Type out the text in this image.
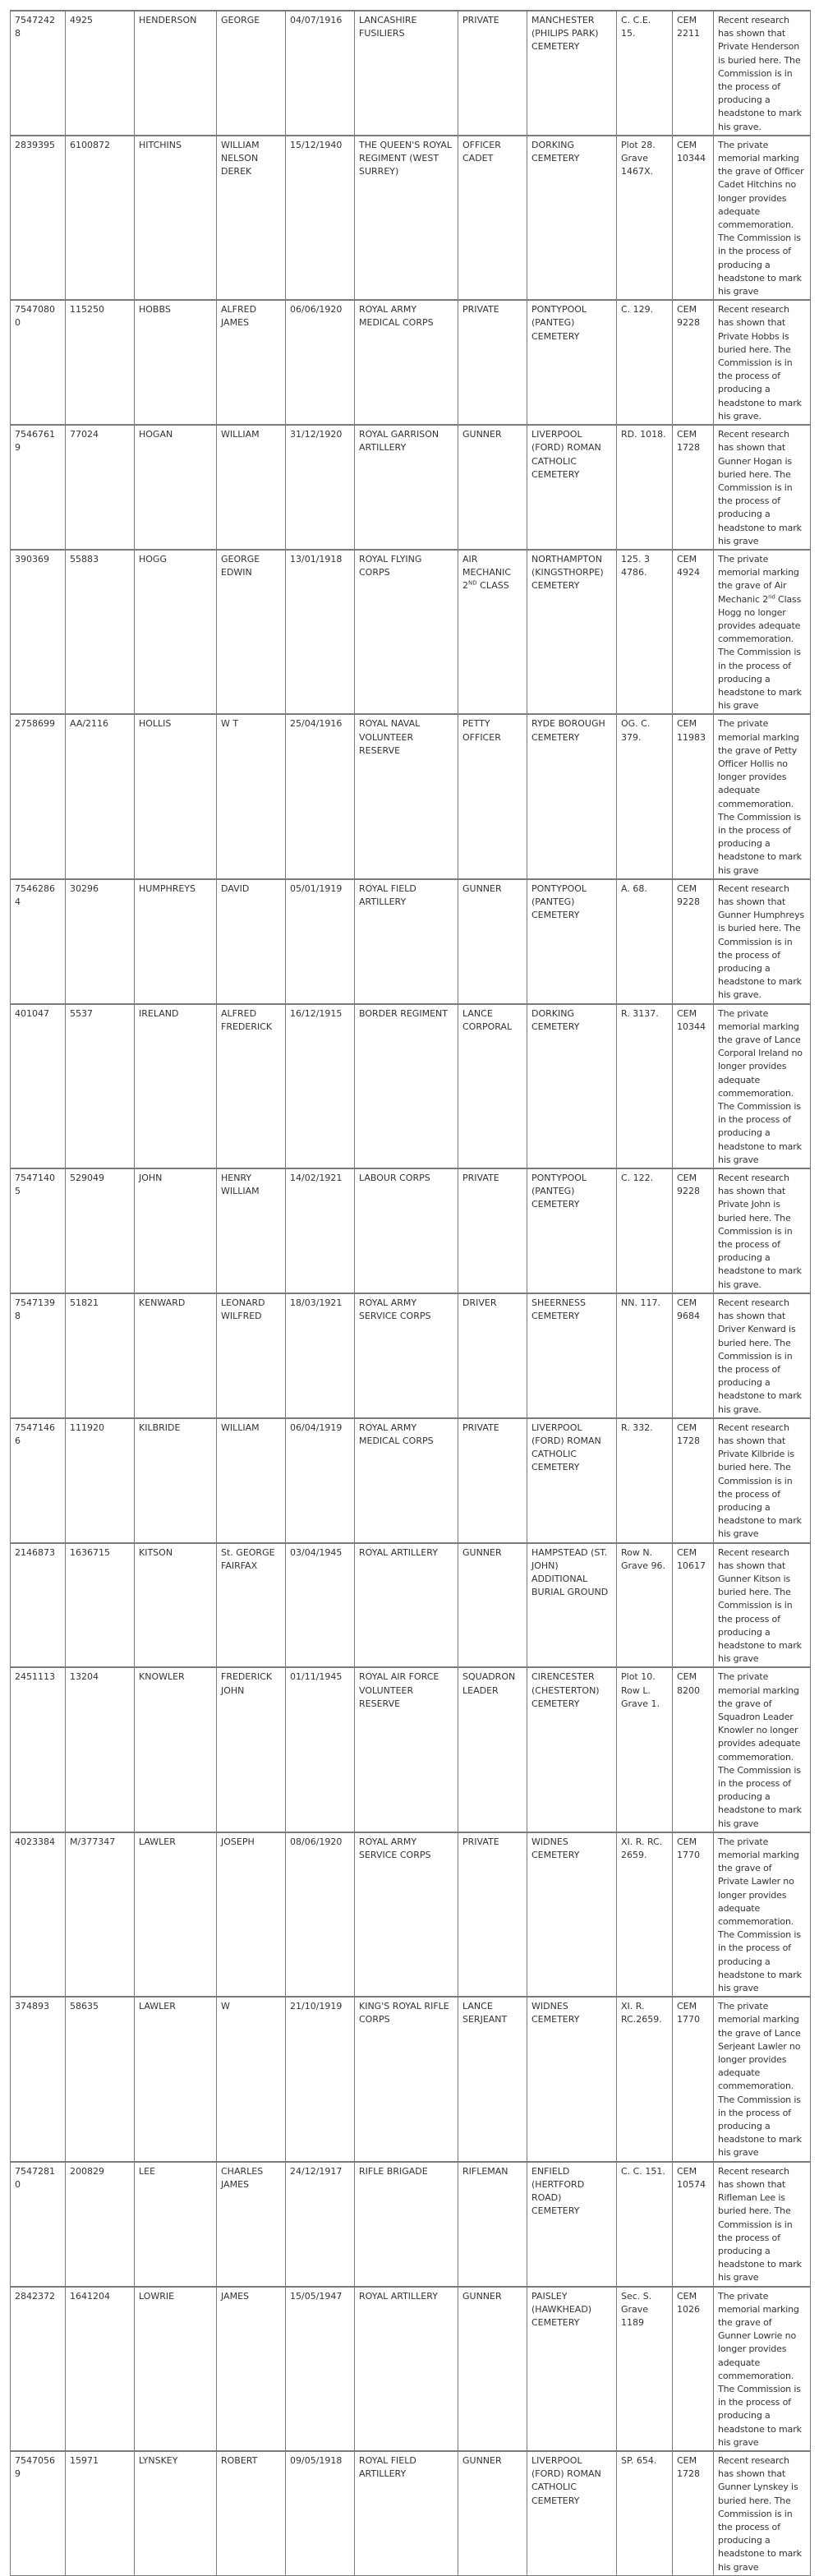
75472428	4925	HENDERSON	GEORGE	04/07/1916	LANCASHIRE FUSILIERS	PRIVATE	MANCHESTER (PHILIPS PARK) CEMETERY	C. C.E. 15.	CEM 2211	Recent research has shown that Private Henderson is buried here. The Commission is in the process of producing a headstone to mark his grave.
2839395	6100872	HITCHINS	WILLIAM NELSON DEREK	15/12/1940	THE QUEEN'S ROYAL REGIMENT (WEST SURREY)	OFFICER CADET	DORKING CEMETERY	Plot 28. Grave 1467X.	CEM 10344	The private memorial marking the grave of Officer Cadet Hitchins no longer provides adequate commemoration. The Commission is in the process of producing a headstone to mark his grave
75470800	115250	HOBBS	ALFRED JAMES	06/06/1920	ROYAL ARMY MEDICAL CORPS	PRIVATE	PONTYPOOL (PANTEG) CEMETERY	C. 129.	CEM 9228	Recent research has shown that Private Hobbs is buried here. The Commission is in the process of producing a headstone to mark his grave.
75467619	77024	HOGAN	WILLIAM	31/12/1920	ROYAL GARRISON ARTILLERY	GUNNER	LIVERPOOL (FORD) ROMAN CATHOLIC CEMETERY	RD. 1018.	CEM 1728	Recent research has shown that Gunner Hogan is buried here. The Commission is in the process of producing a headstone to mark his grave
390369	55883	HOGG	GEORGE EDWIN	13/01/1918	ROYAL FLYING CORPS	AIR MECHANIC 2ND CLASS	NORTHAMPTON (KINGSTHORPE) CEMETERY	125. 3 4786.	CEM 4924	The private memorial marking the grave of Air Mechanic 2nd Class Hogg no longer provides adequate commemoration. The Commission is in the process of producing a headstone to mark his grave
2758699	AA/2116	HOLLIS	W T	25/04/1916	ROYAL NAVAL VOLUNTEER RESERVE	PETTY OFFICER	RYDE BOROUGH CEMETERY	OG. C. 379.	CEM 11983	The private memorial marking the grave of Petty Officer Hollis no longer provides adequate commemoration. The Commission is in the process of producing a headstone to mark his grave
75462864	30296	HUMPHREYS	DAVID	05/01/1919	ROYAL FIELD ARTILLERY	GUNNER	PONTYPOOL (PANTEG) CEMETERY	A. 68.	CEM 9228	Recent research has shown that Gunner Humphreys is buried here. The Commission is in the process of producing a headstone to mark his grave.
401047	5537	IRELAND	ALFRED FREDERICK	16/12/1915	BORDER REGIMENT	LANCE CORPORAL	DORKING CEMETERY	R. 3137.	CEM 10344	The private memorial marking the grave of Lance Corporal Ireland no longer provides adequate commemoration. The Commission is in the process of producing a headstone to mark his grave
75471405	529049	JOHN	HENRY WILLIAM	14/02/1921	LABOUR CORPS	PRIVATE	PONTYPOOL (PANTEG) CEMETERY	C. 122.	CEM 9228	Recent research has shown that Private John is buried here. The Commission is in the process of producing a headstone to mark his grave.
75471398	51821	KENWARD	LEONARD WILFRED	18/03/1921	ROYAL ARMY SERVICE CORPS	DRIVER	SHEERNESS CEMETERY	NN. 117.	CEM 9684	Recent research has shown that Driver Kenward is buried here. The Commission is in the process of producing a headstone to mark his grave.
75471466	111920	KILBRIDE	WILLIAM	06/04/1919	ROYAL ARMY MEDICAL CORPS	PRIVATE	LIVERPOOL (FORD) ROMAN CATHOLIC CEMETERY	R. 332.	CEM 1728	Recent research has shown that Private Kilbride is buried here. The Commission is in the process of producing a headstone to mark his grave
2146873	1636715	KITSON	St. GEORGE FAIRFAX	03/04/1945	ROYAL ARTILLERY	GUNNER	HAMPSTEAD (ST. JOHN) ADDITIONAL BURIAL GROUND	Row N. Grave 96.	CEM 10617	Recent research has shown that Gunner Kitson is buried here. The Commission is in the process of producing a headstone to mark his grave
2451113	13204	KNOWLER	FREDERICK JOHN	01/11/1945	ROYAL AIR FORCE VOLUNTEER RESERVE	SQUADRON LEADER	CIRENCESTER (CHESTERTON) CEMETERY	Plot 10. Row L. Grave 1.	CEM 8200	The private memorial marking the grave of Squadron Leader Knowler no longer provides adequate commemoration. The Commission is in the process of producing a headstone to mark his grave
4023384	M/377347	LAWLER	JOSEPH	08/06/1920	ROYAL ARMY SERVICE CORPS	PRIVATE	WIDNES CEMETERY	XI. R. RC. 2659.	CEM 1770	The private memorial marking the grave of Private Lawler no longer provides adequate commemoration. The Commission is in the process of producing a headstone to mark his grave
374893	58635	LAWLER	W	21/10/1919	KING'S ROYAL RIFLE CORPS	LANCE SERJEANT	WIDNES CEMETERY	XI. R. RC.2659.	CEM 1770	The private memorial marking the grave of Lance Serjeant Lawler no longer provides adequate commemoration. The Commission is in the process of producing a headstone to mark his grave
75472810	200829	LEE	CHARLES JAMES	24/12/1917	RIFLE BRIGADE	RIFLEMAN	ENFIELD (HERTFORD ROAD) CEMETERY	C. C. 151.	CEM 10574	Recent research has shown that Rifleman Lee is buried here. The Commission is in the process of producing a headstone to mark his grave
2842372	1641204	LOWRIE	JAMES	15/05/1947	ROYAL ARTILLERY	GUNNER	PAISLEY (HAWKHEAD) CEMETERY	Sec. S. Grave 1189	CEM 1026	The private memorial marking the grave of Gunner Lowrie no longer provides adequate commemoration. The Commission is in the process of producing a headstone to mark his grave
75470569	15971	LYNSKEY	ROBERT	09/05/1918	ROYAL FIELD ARTILLERY	GUNNER	LIVERPOOL (FORD) ROMAN CATHOLIC CEMETERY	SP. 654.	CEM 1728	Recent research has shown that Gunner Lynskey is buried here. The Commission is in the process of producing a headstone to mark his grave
